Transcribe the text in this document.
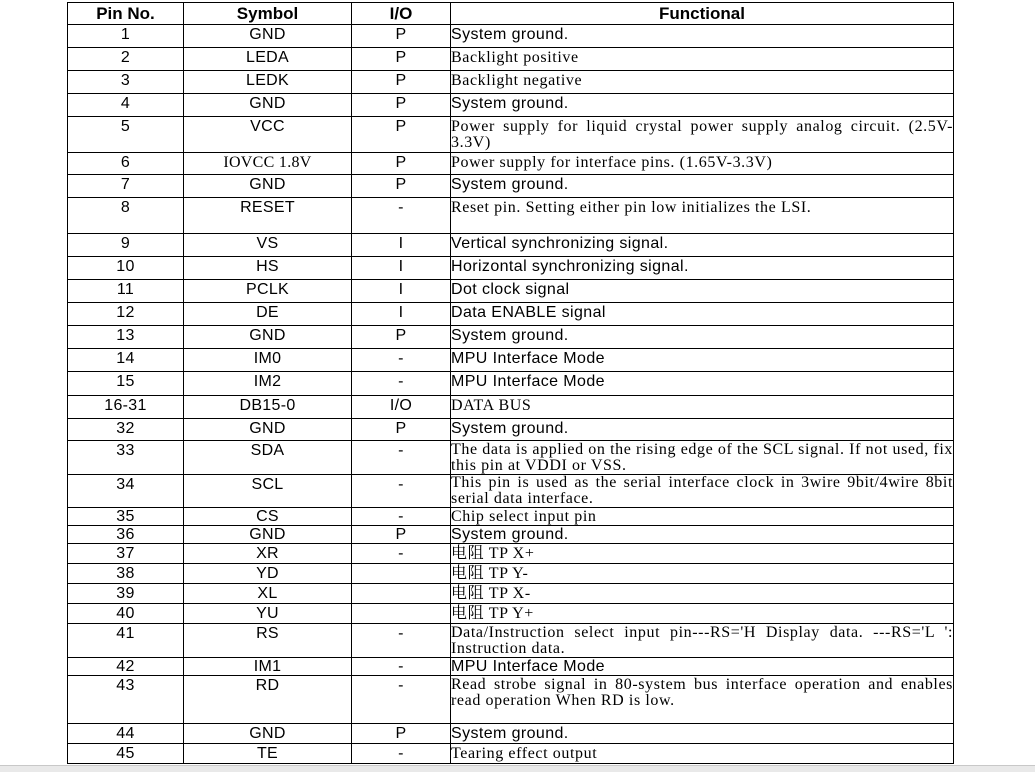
Pin No.	Symbol	I/O	Functional
1	GND	P	System ground.
2	LEDA	P	Backlight positive
3	LEDK	P	Backlight negative
4	GND	P	System ground.
5	VCC	P	Power supply for liquid crystal power supply analog circuit. (2.5V-3.3V)
6	IOVCC 1.8V	P	Power supply for interface pins. (1.65V-3.3V)
7	GND	P	System ground.
8	RESET	-	Reset pin. Setting either pin low initializes the LSI.
9	VS	I	Vertical synchronizing signal.
10	HS	I	Horizontal synchronizing signal.
11	PCLK	I	Dot clock signal
12	DE	I	Data ENABLE signal
13	GND	P	System ground.
14	IM0	-	MPU Interface Mode
15	IM2	-	MPU Interface Mode
16-31	DB15-0	I/O	DATA BUS
32	GND	P	System ground.
33	SDA	-	The data is applied on the rising edge of the SCL signal. If not used, fix this pin at VDDI or VSS.
34	SCL	-	This pin is used as the serial interface clock in 3wire 9bit/4wire 8bit serial data interface.
35	CS	-	Chip select input pin
36	GND	P	System ground.
37	XR	-	电阻 TP X+
38	YD		电阻 TP Y-
39	XL		电阻 TP X-
40	YU		电阻 TP Y+
41	RS	-	Data/Instruction select input pin---RS='H Display data. ---RS='L ': Instruction data.
42	IM1	-	MPU Interface Mode
43	RD	-	Read strobe signal in 80-system bus interface operation and enables read operation When RD is low.
44	GND	P	System ground.
45	TE	-	Tearing effect output
